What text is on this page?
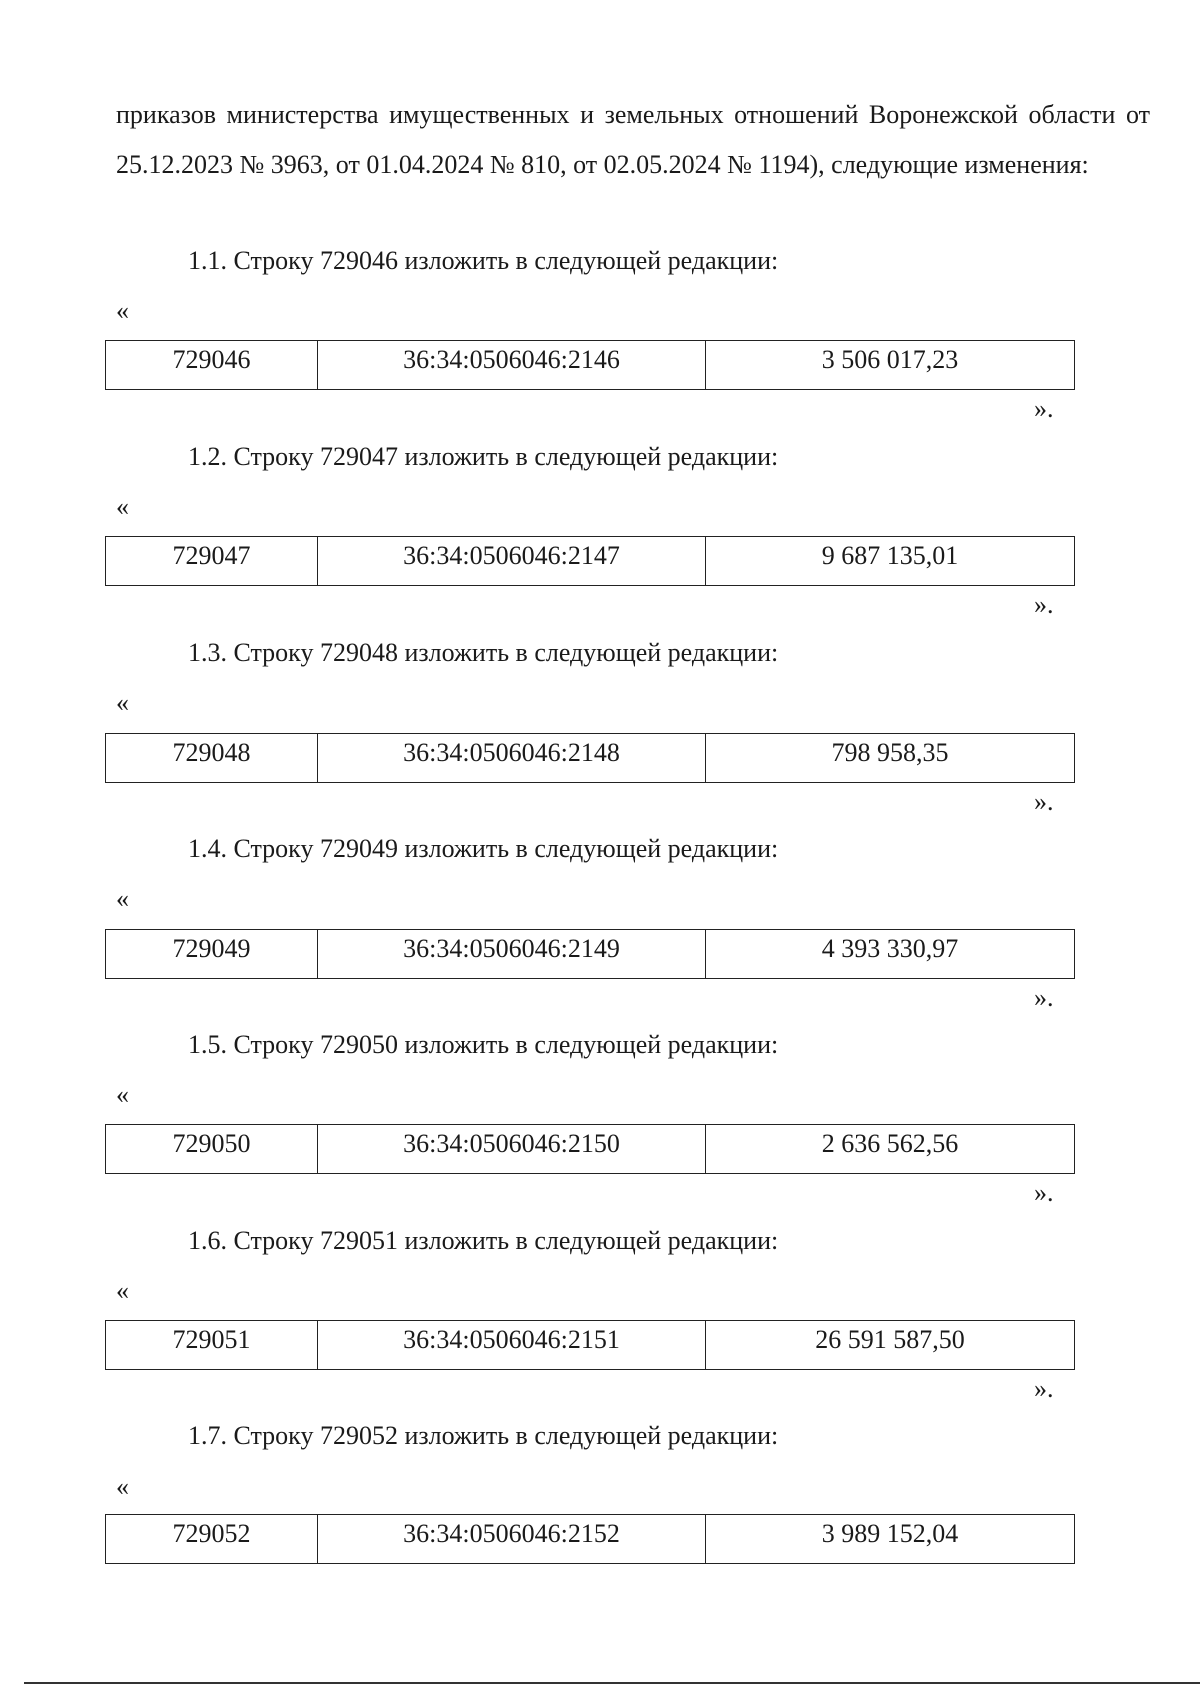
приказов министерства имущественных и земельных отношений Воронежской области от 25.12.2023 № 3963, от 01.04.2024 № 810, от 02.05.2024 № 1194), следующие изменения:
1.1. Строку 729046 изложить в следующей редакции:
«
729046	36:34:0506046:2146	3 506 017,23
».
1.2. Строку 729047 изложить в следующей редакции:
«
729047	36:34:0506046:2147	9 687 135,01
».
1.3. Строку 729048 изложить в следующей редакции:
«
729048	36:34:0506046:2148	798 958,35
».
1.4. Строку 729049 изложить в следующей редакции:
«
729049	36:34:0506046:2149	4 393 330,97
».
1.5. Строку 729050 изложить в следующей редакции:
«
729050	36:34:0506046:2150	2 636 562,56
».
1.6. Строку 729051 изложить в следующей редакции:
«
729051	36:34:0506046:2151	26 591 587,50
».
1.7. Строку 729052 изложить в следующей редакции:
«
729052	36:34:0506046:2152	3 989 152,04
